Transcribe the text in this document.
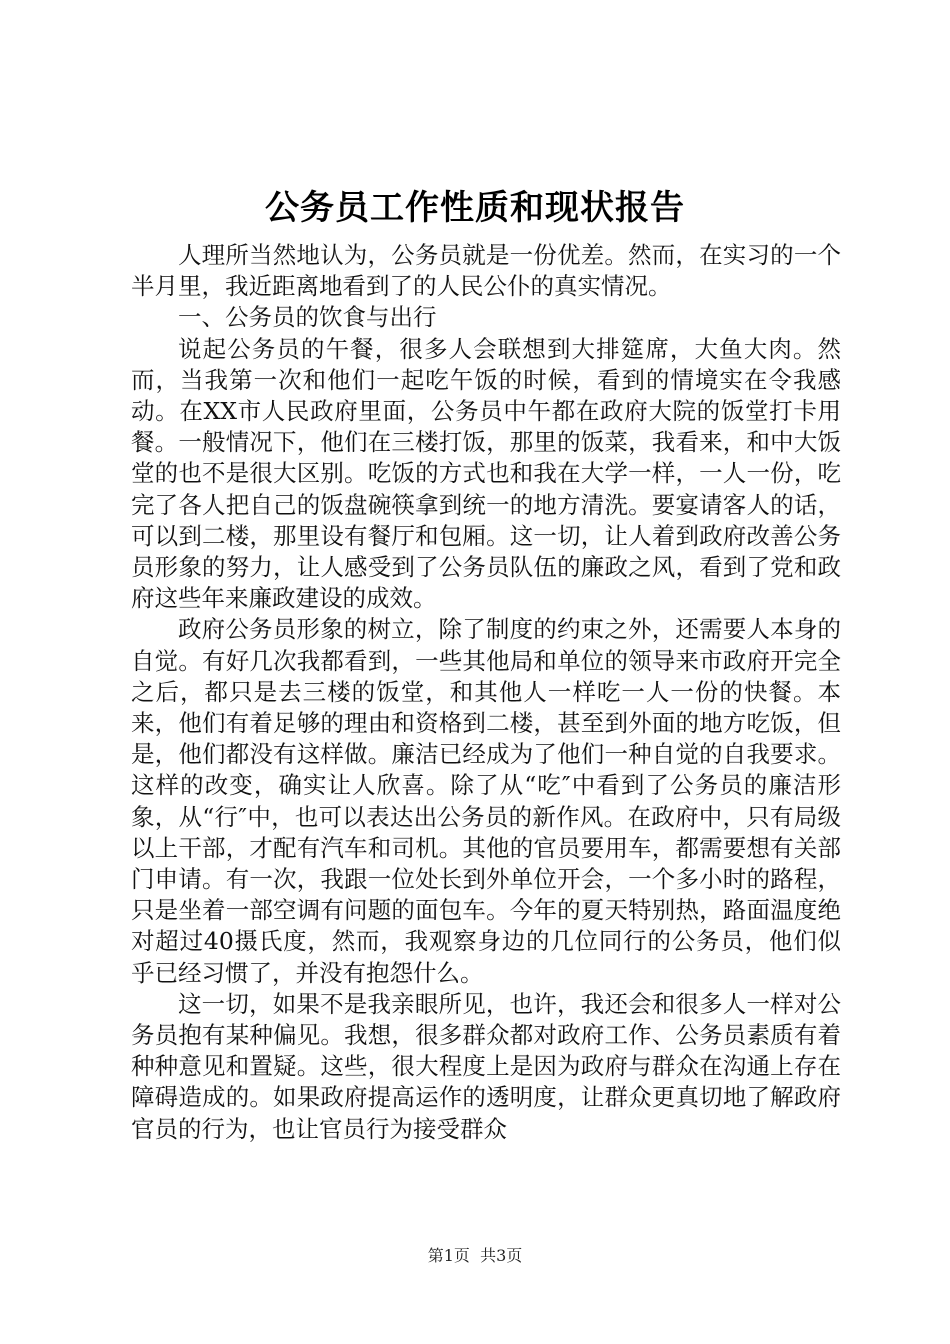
公务员工作性质和现状报告

人理所当然地认为，公务员就是一份优差。然而，在实习的一个半月里，我近距离地看到了的人民公仆的真实情况。

一、公务员的饮食与出行

说起公务员的午餐，很多人会联想到大排筵席，大鱼大肉。然而，当我第一次和他们一起吃午饭的时候，看到的情境实在令我感动。在XX市人民政府里面，公务员中午都在政府大院的饭堂打卡用餐。一般情况下，他们在三楼打饭，那里的饭菜，我看来，和中大饭堂的也不是很大区别。吃饭的方式也和我在大学一样，一人一份，吃完了各人把自己的饭盘碗筷拿到统一的地方清洗。要宴请客人的话，可以到二楼，那里设有餐厅和包厢。这一切，让人着到政府改善公务员形象的努力，让人感受到了公务员队伍的廉政之风，看到了党和政府这些年来廉政建设的成效。

政府公务员形象的树立，除了制度的约束之外，还需要人本身的自觉。有好几次我都看到，一些其他局和单位的领导来市政府开完全之后，都只是去三楼的饭堂，和其他人一样吃一人一份的快餐。本来，他们有着足够的理由和资格到二楼，甚至到外面的地方吃饭，但是，他们都没有这样做。廉洁已经成为了他们一种自觉的自我要求。这样的改变，确实让人欣喜。除了从“吃″中看到了公务员的廉洁形象，从“行″中，也可以表达出公务员的新作风。在政府中，只有局级以上干部，才配有汽车和司机。其他的官员要用车，都需要想有关部门申请。有一次，我跟一位处长到外单位开会，一个多小时的路程，只是坐着一部空调有问题的面包车。今年的夏天特别热，路面温度绝对超过40摄氏度，然而，我观察身边的几位同行的公务员，他们似乎已经习惯了，并没有抱怨什么。

这一切，如果不是我亲眼所见，也许，我还会和很多人一样对公务员抱有某种偏见。我想，很多群众都对政府工作、公务员素质有着种种意见和置疑。这些，很大程度上是因为政府与群众在沟通上存在障碍造成的。如果政府提高运作的透明度，让群众更真切地了解政府官员的行为，也让官员行为接受群众

第1页 共3页
